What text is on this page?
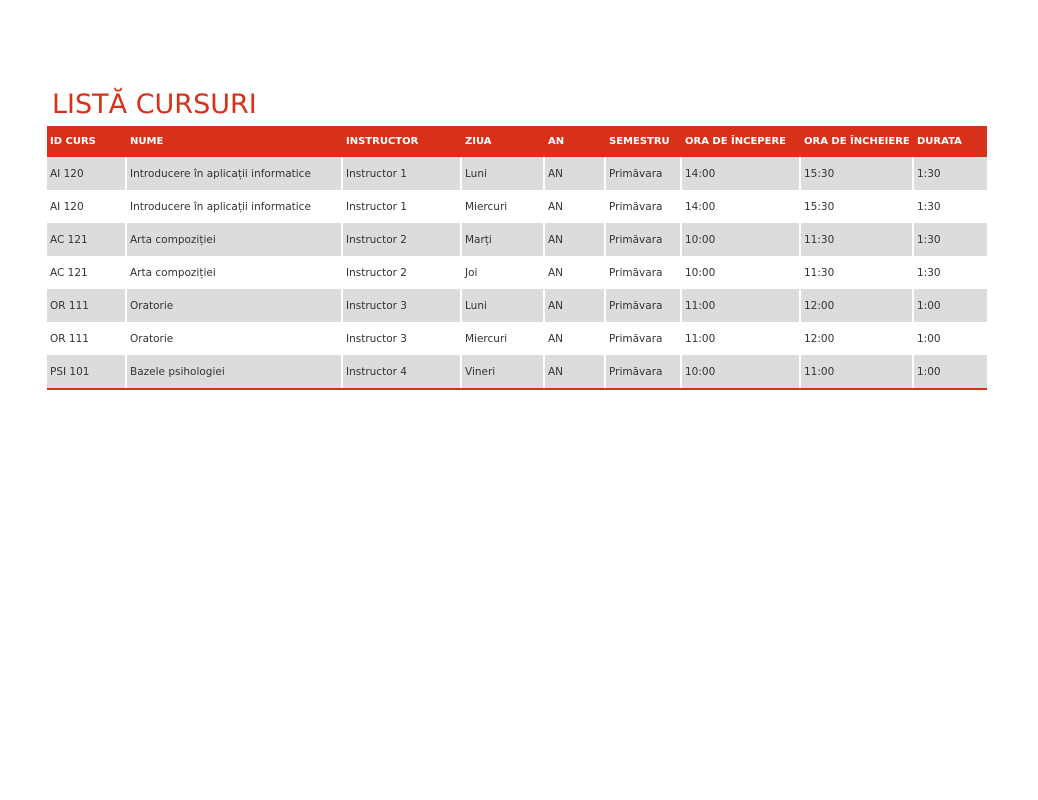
LISTĂ CURSURI
ID CURS	NUME	INSTRUCTOR	ZIUA	AN	SEMESTRU	ORA DE ÎNCEPERE	ORA DE ÎNCHEIERE	DURATA
AI 120	Introducere în aplicații informatice	Instructor 1	Luni	AN	Primăvara	14:00	15:30	1:30
AI 120	Introducere în aplicații informatice	Instructor 1	Miercuri	AN	Primăvara	14:00	15:30	1:30
AC 121	Arta compoziției	Instructor 2	Marți	AN	Primăvara	10:00	11:30	1:30
AC 121	Arta compoziției	Instructor 2	Joi	AN	Primăvara	10:00	11:30	1:30
OR 111	Oratorie	Instructor 3	Luni	AN	Primăvara	11:00	12:00	1:00
OR 111	Oratorie	Instructor 3	Miercuri	AN	Primăvara	11:00	12:00	1:00
PSI 101	Bazele psihologiei	Instructor 4	Vineri	AN	Primăvara	10:00	11:00	1:00
